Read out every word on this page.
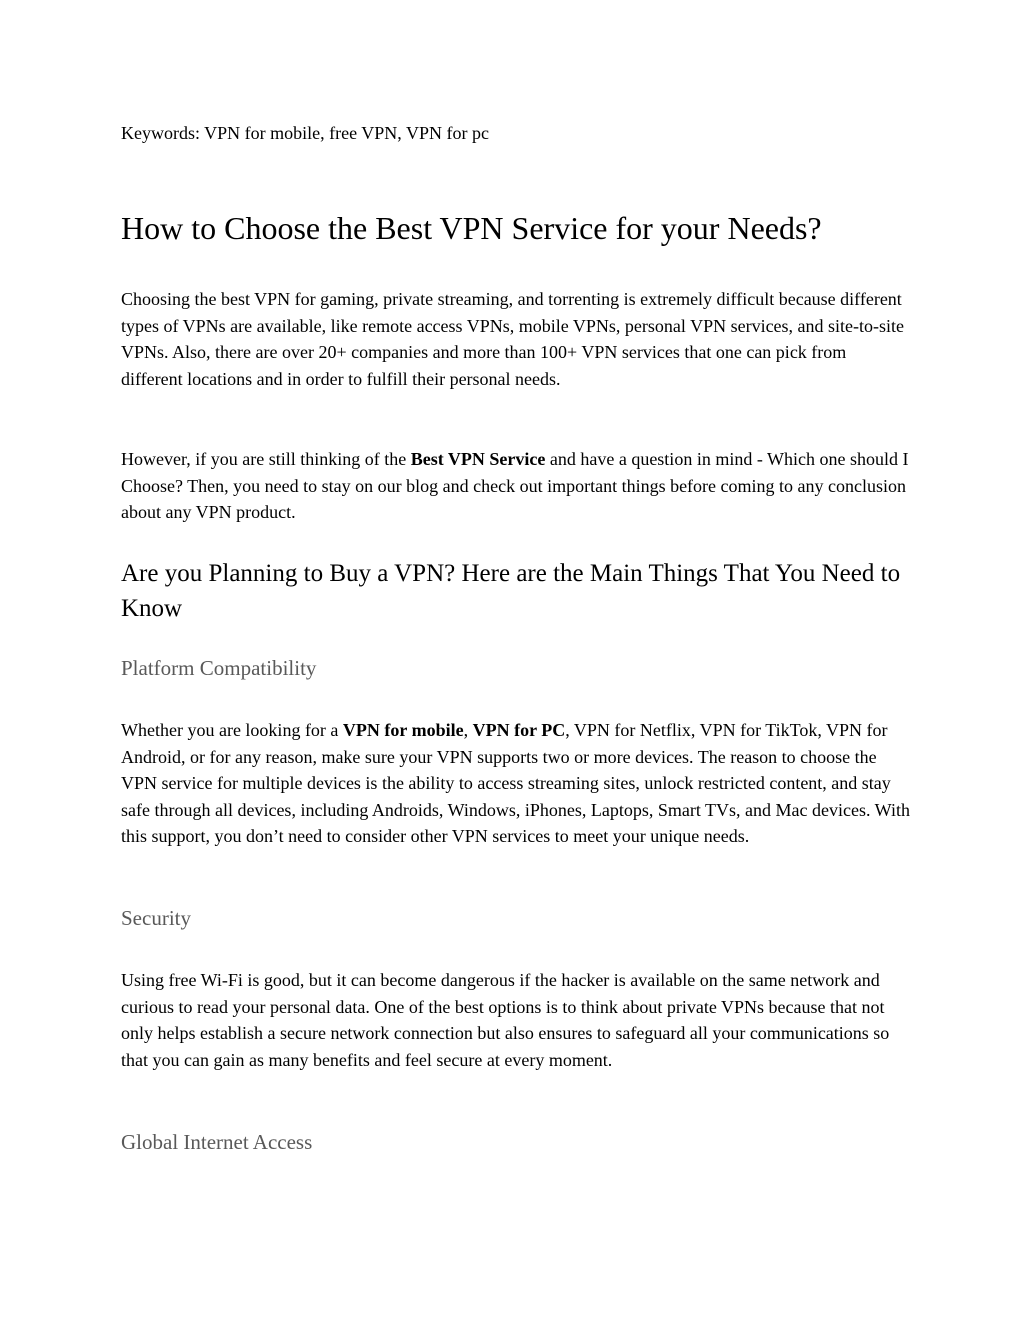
Keywords: VPN for mobile, free VPN, VPN for pc
How to Choose the Best VPN Service for your Needs?

Choosing the best VPN for gaming, private streaming, and torrenting is extremely difficult because different types of VPNs are available, like remote access VPNs, mobile VPNs, personal VPN services, and site-to-site VPNs. Also, there are over 20+ companies and more than 100+ VPN services that one can pick from different locations and in order to fulfill their personal needs.

However, if you are still thinking of the Best VPN Service and have a question in mind - Which one should I Choose? Then, you need to stay on our blog and check out important things before coming to any conclusion about any VPN product.

Are you Planning to Buy a VPN? Here are the Main Things That You Need to Know
Platform Compatibility

Whether you are looking for a VPN for mobile, VPN for PC, VPN for Netflix, VPN for TikTok, VPN for Android, or for any reason, make sure your VPN supports two or more devices. The reason to choose the VPN service for multiple devices is the ability to access streaming sites, unlock restricted content, and stay safe through all devices, including Androids, Windows, iPhones, Laptops, Smart TVs, and Mac devices. With this support, you don’t need to consider other VPN services to meet your unique needs.

Security

Using free Wi-Fi is good, but it can become dangerous if the hacker is available on the same network and curious to read your personal data. One of the best options is to think about private VPNs because that not only helps establish a secure network connection but also ensures to safeguard all your communications so that you can gain as many benefits and feel secure at every moment.

Global Internet Access
